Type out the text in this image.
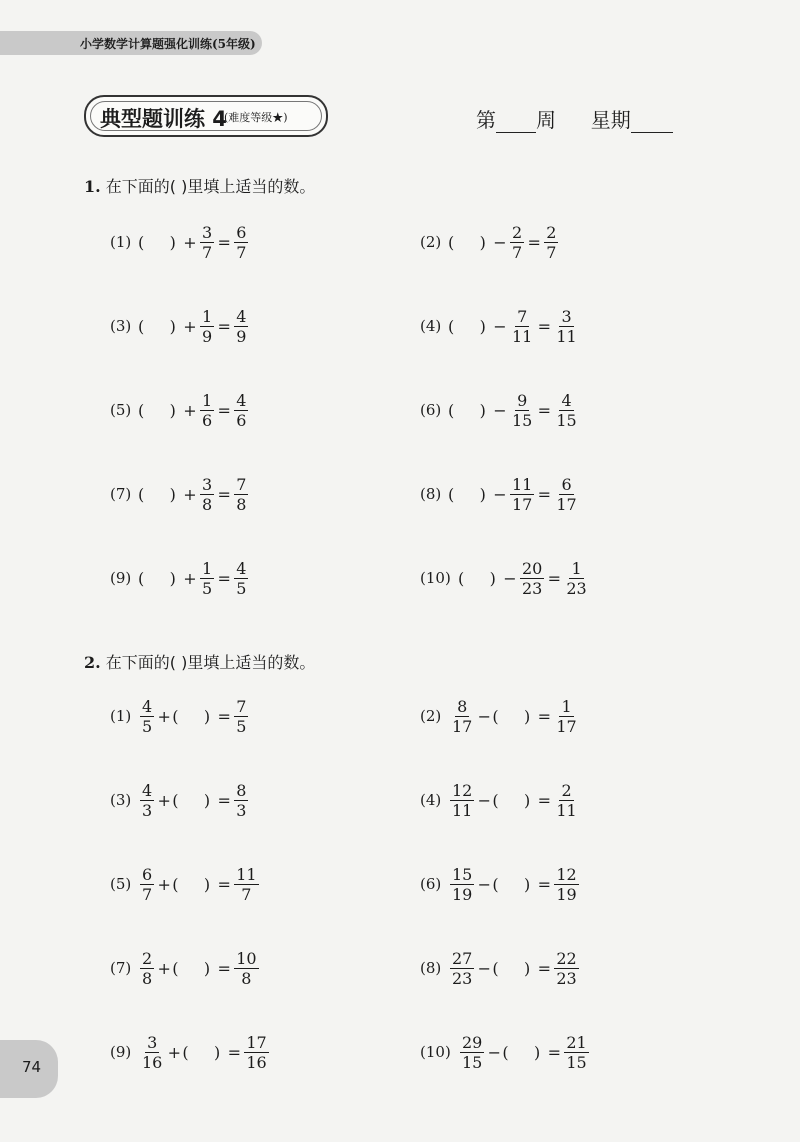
小学数学计算题强化训练(5年级)
典型题训练 4
(难度等级★)	第 周 星期
1. 在下面的( )里填上适当的数。
(1) (     ) + $\frac{3}{7} = \frac{6}{7}$	(2) (     ) − $\frac{2}{7} = \frac{2}{7}$
(3) (     ) + $\frac{1}{9} = \frac{4}{9}$	(4) (     ) − $\frac{7}{11} = \frac{3}{11}$
(5) (     ) + $\frac{1}{6} = \frac{4}{6}$	(6) (     ) − $\frac{9}{15} = \frac{4}{15}$
(7) (     ) + $\frac{3}{8} = \frac{7}{8}$	(8) (     ) − $\frac{11}{17} = \frac{6}{17}$
(9) (     ) + $\frac{1}{5} = \frac{4}{5}$	(10) (     ) − $\frac{20}{23} = \frac{1}{23}$
2. 在下面的( )里填上适当的数。
$(1) \frac{4}{5}$ + (     ) = $\frac{7}{5}$	$(2) \frac{8}{17}$ − (     ) = $\frac{1}{17}$
$(3) \frac{4}{3}$ + (     ) = $\frac{8}{3}$	$(4) \frac{12}{11}$ − (     ) = $\frac{2}{11}$
$(5) \frac{6}{7}$ + (     ) = $\frac{11}{7}$	$(6) \frac{15}{19}$ − (     ) = $\frac{12}{19}$
$(7) \frac{2}{8}$ + (     ) = $\frac{10}{8}$	$(8) \frac{27}{23}$ − (     ) = $\frac{22}{23}$
$(9) \frac{3}{16}$ + (     ) = $\frac{17}{16}$	$(10) \frac{29}{15}$ − (     ) = $\frac{21}{15}$
74
